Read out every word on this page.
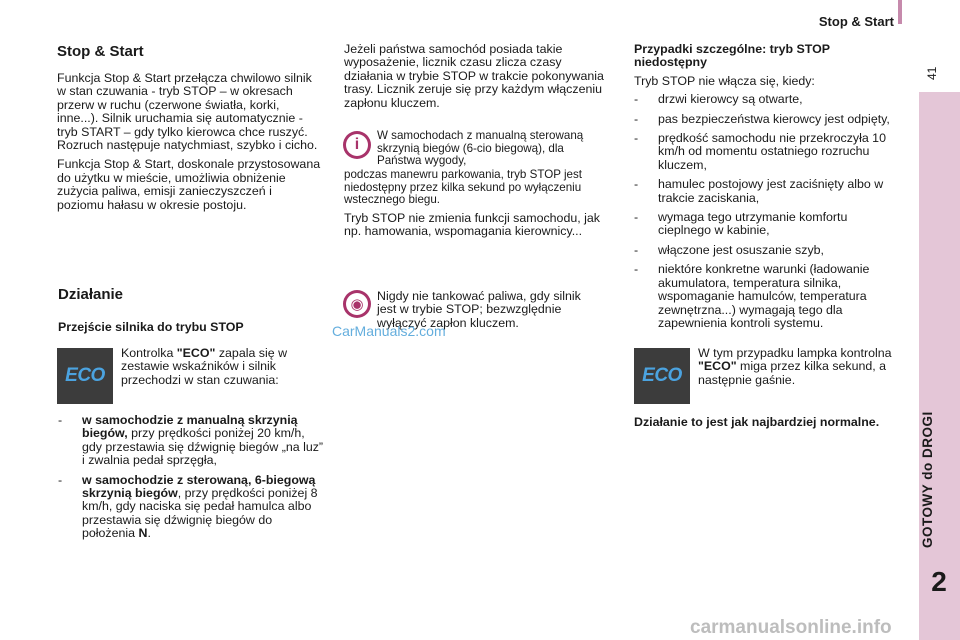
Stop & Start
41
2
Stop & Start

Funkcja Stop & Start przełącza chwilowo silnik w stan czuwania - tryb STOP – w okresach przerw w ruchu (czerwone światła, korki, inne...). Silnik uruchamia się automatycznie - tryb START – gdy tylko kierowca chce ruszyć. Rozruch następuje natychmiast, szybko i cicho.

Funkcja Stop & Start, doskonale przystosowana do użytku w mieście, umożliwia obniżenie zużycia paliwa, emisji zanieczyszczeń i poziomu hałasu w okresie postoju.

Działanie
Przejście silnika do trybu STOP
ECO

Kontrolka "ECO" zapala się w zestawie wskaźników i silnik przechodzi w stan czuwania:

- w samochodzie z manualną skrzynią biegów, przy prędkości poniżej 20 km/h, gdy przestawia się dźwignię biegów „na luz” i zwalnia pedał sprzęgła,

- w samochodzie z sterowaną, 6-biegową skrzynią biegów, przy prędkości poniżej 8 km/h, gdy naciska się pedał hamulca albo przestawia się dźwignię biegów do położenia N.

Jeżeli państwa samochód posiada takie wyposażenie, licznik czasu zlicza czasy działania w trybie STOP w trakcie pokonywania trasy. Licznik zeruje się przy każdym włączeniu zapłonu kluczem.

i

W samochodach z manualną sterowaną skrzynią biegów (6-cio biegową), dla Państwa wygody,

podczas manewru parkowania, tryb STOP jest niedostępny przez kilka sekund po wyłączeniu wstecznego biegu.

Tryb STOP nie zmienia funkcji samochodu, jak np. hamowania, wspomagania kierownicy...

◉ Nigdy nie tankować paliwa, gdy silnik jest w trybie STOP; bezwzględnie wyłączyć zapłon kluczem.

Przypadki szczególne: tryb STOP niedostępny

Tryb STOP nie włącza się, kiedy:

- drzwi kierowcy są otwarte,

- pas bezpieczeństwa kierowcy jest odpięty,

- prędkość samochodu nie przekroczyła 10 km/h od momentu ostatniego rozruchu kluczem,

- hamulec postojowy jest zaciśnięty albo w trakcie zaciskania,

- wymaga tego utrzymanie komfortu cieplnego w kabinie,

- włączone jest osuszanie szyb,

- niektóre konkretne warunki (ładowanie akumulatora, temperatura silnika, wspomaganie hamulców, temperatura zewnętrzna...) wymagają tego dla zapewnienia kontroli systemu.

ECO

W tym przypadku lampka kontrolna "ECO" miga przez kilka sekund, a następnie gaśnie.

Działanie to jest jak najbardziej normalne.
CarManuals2.com
carmanualsonline.info
